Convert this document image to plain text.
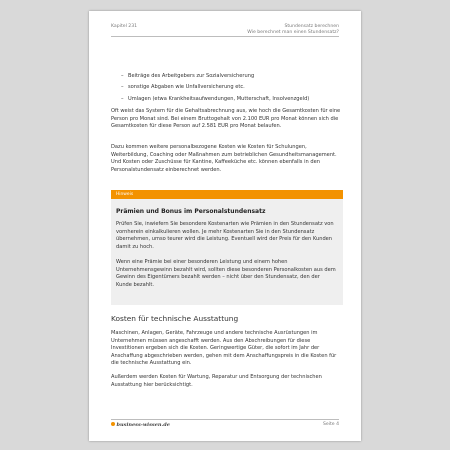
Kapitel 231	Stundensatz berechnen
Wie berechnet man einen Stundensatz?
– Beiträge des Arbeitgebers zur Sozialversicherung
– sonstige Abgaben wie Unfallversicherung etc.
– Umlagen (etwa Krankheitsaufwendungen, Mutterschaft, Insolvenzgeld)

Oft weist das System für die Gehaltsabrechnung aus, wie hoch die Gesamtkosten für eine Person pro Monat sind. Bei einem Bruttogehalt von 2.100 EUR pro Monat können sich die Gesamtkosten für diese Person auf 2.581 EUR pro Monat belaufen.

Dazu kommen weitere personalbezogene Kosten wie Kosten für Schulungen, Weiterbildung, Coaching oder Maßnahmen zum betrieblichen Gesundheitsmanagement. Und Kosten oder Zuschüsse für Kantine, Kaffeeküche etc. können ebenfalls in den Personalstundensatz einberechnet werden.

Hinweis
Prämien und Bonus im Personalstundensatz

Prüfen Sie, inwiefern Sie besondere Kostenarten wie Prämien in den Stundensatz von vornherein einkalkulieren wollen. Je mehr Kostenarten Sie in den Stundensatz übernehmen, umso teurer wird die Leistung. Eventuell wird der Preis für den Kunden damit zu hoch.

Wenn eine Prämie bei einer besonderen Leistung und einem hohen Unternehmensgewinn bezahlt wird, sollten diese besonderen Personalkosten aus dem Gewinn des Eigentümers bezahlt werden – nicht über den Stundensatz, den der Kunde bezahlt.

Kosten für technische Ausstattung

Maschinen, Anlagen, Geräte, Fahrzeuge und andere technische Ausrüstungen im Unternehmen müssen angeschafft werden. Aus den Abschreibungen für diese Investitionen ergeben sich die Kosten. Geringwertige Güter, die sofort im Jahr der Anschaffung abgeschrieben werden, gehen mit dem Anschaffungspreis in die Kosten für die technische Ausstattung ein.

Außerdem werden Kosten für Wartung, Reparatur und Entsorgung der technischen Ausstattung hier berücksichtigt.

business-wissen.de	Seite 4
